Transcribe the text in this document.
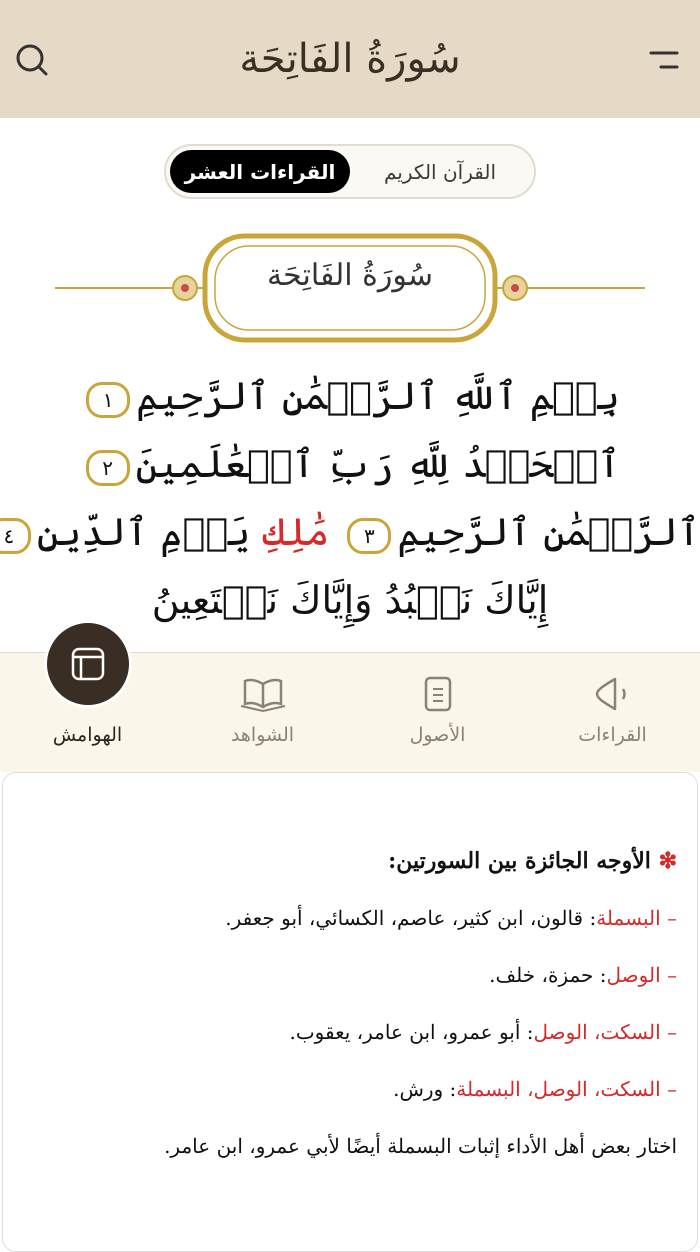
سُورَةُ الفَاتِحَة
القرآن الكريم
القراءات العشر
سُورَةُ الفَاتِحَة
بِسۡمِ ٱللَّهِ ٱلرَّحۡمَٰنِ ٱلرَّحِيمِ١
ٱلۡحَمۡدُ لِلَّهِ رَبِّ ٱلۡعَٰلَمِينَ٢
ٱلرَّحۡمَٰنِ ٱلرَّحِيمِ٣ مَٰلِكِ يَوۡمِ ٱلدِّينِ٤
إِيَّاكَ نَعۡبُدُ وَإِيَّاكَ نَسۡتَعِينُ
القراءات
الأصول
الشواهد
الهوامش

❇ الأوجه الجائزة بين السورتين:

– البسملة: قالون، ابن كثير، عاصم، الكسائي، أبو جعفر.

– الوصل: حمزة، خلف.

– السكت، الوصل: أبو عمرو، ابن عامر، يعقوب.

– السكت، الوصل، البسملة: ورش.

اختار بعض أهل الأداء إثبات البسملة أيضًا لأبي عمرو، ابن عامر.
